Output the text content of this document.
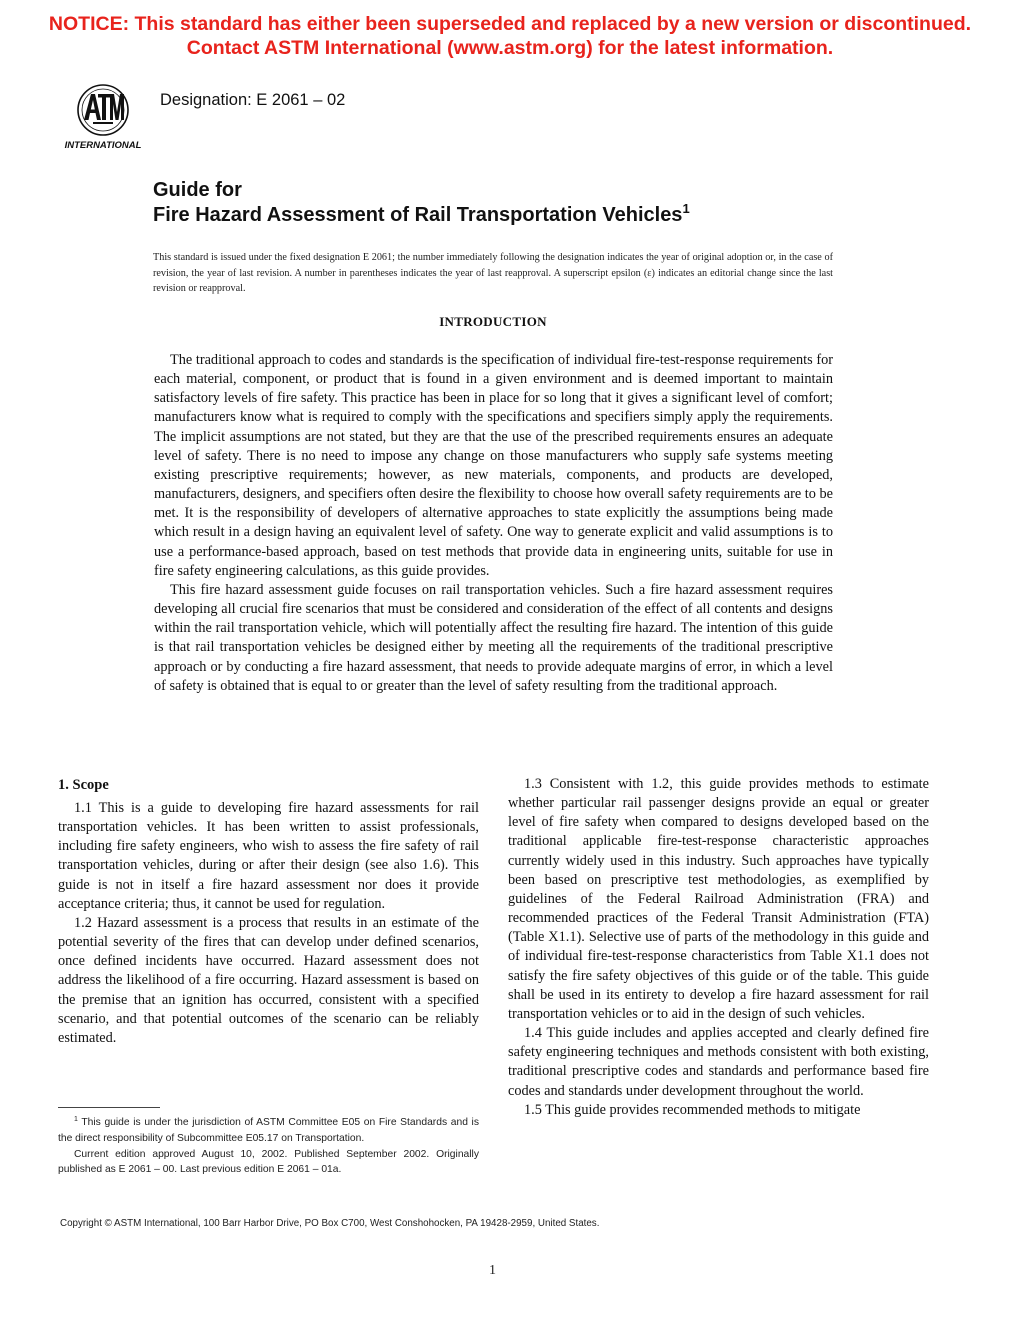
NOTICE: This standard has either been superseded and replaced by a new version or discontinued.
Contact ASTM International (www.astm.org) for the latest information.
INTERNATIONAL
Designation: E 2061 – 02
Guide for
Fire Hazard Assessment of Rail Transportation Vehicles$^1$
This standard is issued under the fixed designation E 2061; the number immediately following the designation indicates the year of original adoption or, in the case of revision, the year of last revision. A number in parentheses indicates the year of last reapproval. A superscript epsilon (ε) indicates an editorial change since the last revision or reapproval.
INTRODUCTION

The traditional approach to codes and standards is the specification of individual fire-test-response requirements for each material, component, or product that is found in a given environment and is deemed important to maintain satisfactory levels of fire safety. This practice has been in place for so long that it gives a significant level of comfort; manufacturers know what is required to comply with the specifications and specifiers simply apply the requirements. The implicit assumptions are not stated, but they are that the use of the prescribed requirements ensures an adequate level of safety. There is no need to impose any change on those manufacturers who supply safe systems meeting existing prescriptive requirements; however, as new materials, components, and products are developed, manufacturers, designers, and specifiers often desire the flexibility to choose how overall safety requirements are to be met. It is the responsibility of developers of alternative approaches to state explicitly the assumptions being made which result in a design having an equivalent level of safety. One way to generate explicit and valid assumptions is to use a performance-based approach, based on test methods that provide data in engineering units, suitable for use in fire safety engineering calculations, as this guide provides.

This fire hazard assessment guide focuses on rail transportation vehicles. Such a fire hazard assessment requires developing all crucial fire scenarios that must be considered and consideration of the effect of all contents and designs within the rail transportation vehicle, which will potentially affect the resulting fire hazard. The intention of this guide is that rail transportation vehicles be designed either by meeting all the requirements of the traditional prescriptive approach or by conducting a fire hazard assessment, that needs to provide adequate margins of error, in which a level of safety is obtained that is equal to or greater than the level of safety resulting from the traditional approach.

1. Scope

1.1 This is a guide to developing fire hazard assessments for rail transportation vehicles. It has been written to assist professionals, including fire safety engineers, who wish to assess the fire safety of rail transportation vehicles, during or after their design (see also 1.6). This guide is not in itself a fire hazard assessment nor does it provide acceptance criteria; thus, it cannot be used for regulation.

1.2 Hazard assessment is a process that results in an estimate of the potential severity of the fires that can develop under defined scenarios, once defined incidents have occurred. Hazard assessment does not address the likelihood of a fire occurring. Hazard assessment is based on the premise that an ignition has occurred, consistent with a specified scenario, and that potential outcomes of the scenario can be reliably estimated.

1.3 Consistent with 1.2, this guide provides methods to estimate whether particular rail passenger designs provide an equal or greater level of fire safety when compared to designs developed based on the traditional applicable fire-test-response characteristic approaches currently widely used in this industry. Such approaches have typically been based on prescriptive test methodologies, as exemplified by guidelines of the Federal Railroad Administration (FRA) and recommended practices of the Federal Transit Administration (FTA) (Table X1.1). Selective use of parts of the methodology in this guide and of individual fire-test-response characteristics from Table X1.1 does not satisfy the fire safety objectives of this guide or of the table. This guide shall be used in its entirety to develop a fire hazard assessment for rail transportation vehicles or to aid in the design of such vehicles.

1.4 This guide includes and applies accepted and clearly defined fire safety engineering techniques and methods consistent with both existing, traditional prescriptive codes and standards and performance based fire codes and standards under development throughout the world.

1.5 This guide provides recommended methods to mitigate

$^1$ This guide is under the jurisdiction of ASTM Committee E05 on Fire Standards and is the direct responsibility of Subcommittee E05.17 on Transportation.

Current edition approved August 10, 2002. Published September 2002. Originally published as E 2061 – 00. Last previous edition E 2061 – 01a.

Copyright © ASTM International, 100 Barr Harbor Drive, PO Box C700, West Conshohocken, PA 19428-2959, United States.
1
